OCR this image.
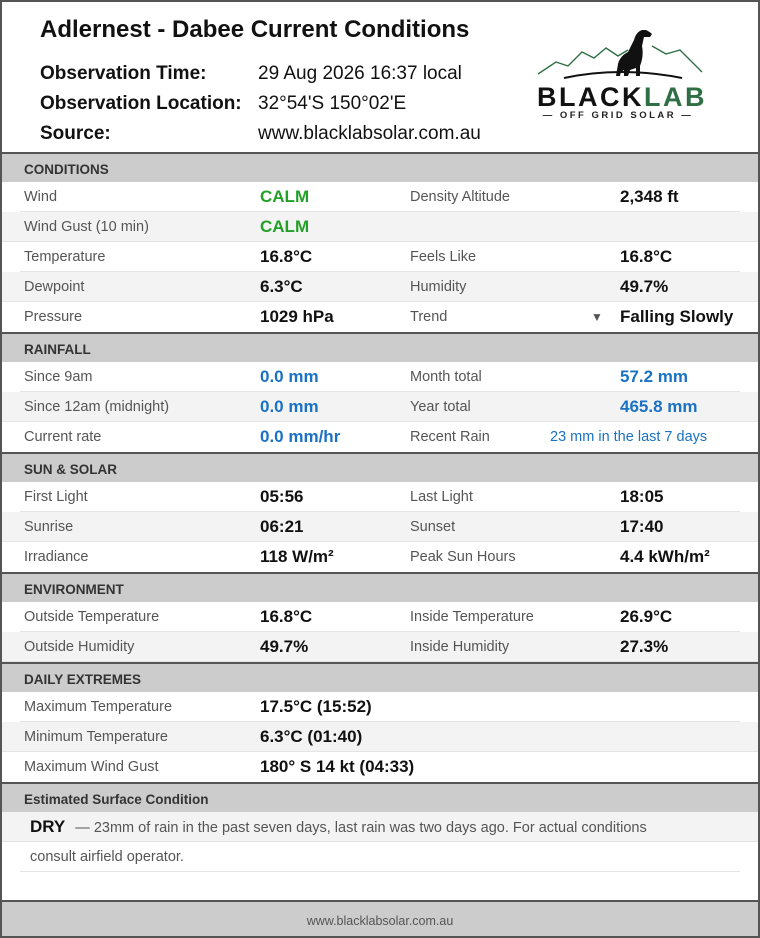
Adlernest - Dabee Current Conditions
Observation Time:	29 Aug 2026 16:37 local
Observation Location: 32°54'S 150°02'E
Source:	www.blacklabsolar.com.au
BLACKLAB
— OFF GRID SOLAR —
CONDITIONS
Wind	CALM	Density Altitude	2,348 ft
Wind Gust (10 min)	CALM
Temperature	16.8°C	Feels Like	16.8°C
Dewpoint	6.3°C	Humidity	49.7%
Pressure	1029 hPa	Trend	▼ Falling Slowly
RAINFALL
Since 9am	0.0 mm	Month total	57.2 mm
Since 12am (midnight)	0.0 mm	Year total	465.8 mm
Current rate	0.0 mm/hr	Recent Rain	23 mm in the last 7 days
SUN & SOLAR
First Light	05:56	Last Light	18:05
Sunrise	06:21	Sunset	17:40
Irradiance	118 W/m²	Peak Sun Hours	4.4 kWh/m²
ENVIRONMENT
Outside Temperature	16.8°C	Inside Temperature	26.9°C
Outside Humidity	49.7%	Inside Humidity	27.3%
DAILY EXTREMES
Maximum Temperature	17.5°C (15:52)
Minimum Temperature	6.3°C (01:40)
Maximum Wind Gust	180° S 14 kt (04:33)
Estimated Surface Condition
DRY — 23mm of rain in the past seven days, last rain was two days ago. For actual conditions
consult airfield operator.
www.blacklabsolar.com.au
